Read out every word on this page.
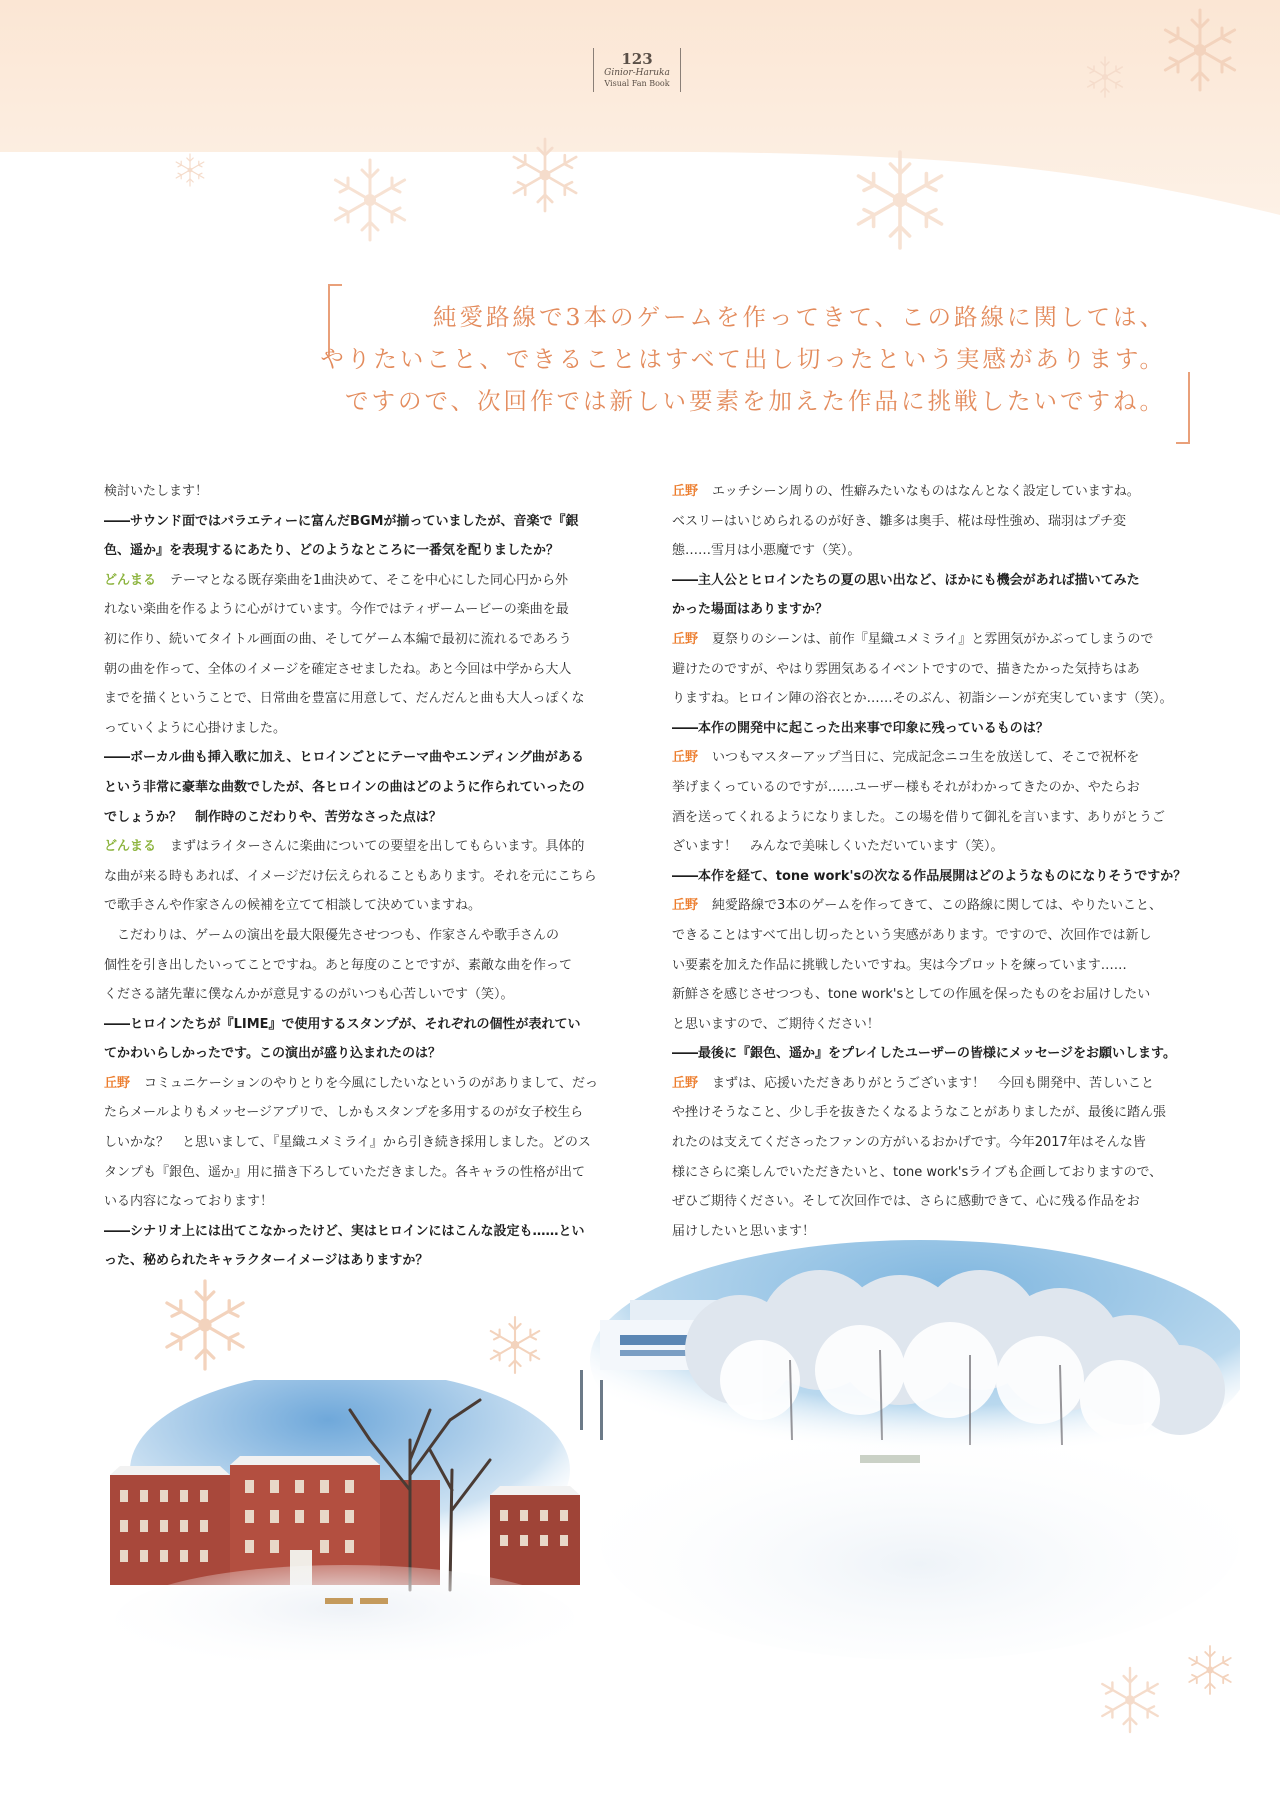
123
Ginior-Haruka
Visual Fan Book
純愛路線で3本のゲームを作ってきて、この路線に関しては、
やりたいこと、できることはすべて出し切ったという実感があります。
ですので、次回作では新しい要素を加えた作品に挑戦したいですね。

検討いたします！

――サウンド面ではバラエティーに富んだBGMが揃っていましたが、音楽で『銀

色、遥か』を表現するにあたり、どのようなところに一番気を配りましたか？

どんまる テーマとなる既存楽曲を1曲決めて、そこを中心にした同心円から外

れない楽曲を作るように心がけています。今作ではティザームービーの楽曲を最

初に作り、続いてタイトル画面の曲、そしてゲーム本編で最初に流れるであろう

朝の曲を作って、全体のイメージを確定させましたね。あと今回は中学から大人

までを描くということで、日常曲を豊富に用意して、だんだんと曲も大人っぽくな

っていくように心掛けました。

――ボーカル曲も挿入歌に加え、ヒロインごとにテーマ曲やエンディング曲がある

という非常に豪華な曲数でしたが、各ヒロインの曲はどのように作られていったの

でしょうか？　制作時のこだわりや、苦労なさった点は？

どんまる まずはライターさんに楽曲についての要望を出してもらいます。具体的

な曲が来る時もあれば、イメージだけ伝えられることもあります。それを元にこちら

で歌手さんや作家さんの候補を立てて相談して決めていますね。

　こだわりは、ゲームの演出を最大限優先させつつも、作家さんや歌手さんの

個性を引き出したいってことですね。あと毎度のことですが、素敵な曲を作って

くださる諸先輩に僕なんかが意見するのがいつも心苦しいです（笑）。

――ヒロインたちが『LIME』で使用するスタンプが、それぞれの個性が表れてい

てかわいらしかったです。この演出が盛り込まれたのは？

丘野 コミュニケーションのやりとりを今風にしたいなというのがありまして、だっ

たらメールよりもメッセージアプリで、しかもスタンプを多用するのが女子校生ら

しいかな？　と思いまして、『星織ユメミライ』から引き続き採用しました。どのス

タンプも『銀色、遥か』用に描き下ろしていただきました。各キャラの性格が出て

いる内容になっております！

――シナリオ上には出てこなかったけど、実はヒロインにはこんな設定も……とい

った、秘められたキャラクターイメージはありますか？

丘野 エッチシーン周りの、性癖みたいなものはなんとなく設定していますね。

ベスリーはいじめられるのが好き、雛多は奥手、椛は母性強め、瑞羽はプチ変

態……雪月は小悪魔です（笑）。

――主人公とヒロインたちの夏の思い出など、ほかにも機会があれば描いてみた

かった場面はありますか？

丘野 夏祭りのシーンは、前作『星織ユメミライ』と雰囲気がかぶってしまうので

避けたのですが、やはり雰囲気あるイベントですので、描きたかった気持ちはあ

りますね。ヒロイン陣の浴衣とか……そのぶん、初詣シーンが充実しています（笑）。

――本作の開発中に起こった出来事で印象に残っているものは？

丘野 いつもマスターアップ当日に、完成記念ニコ生を放送して、そこで祝杯を

挙げまくっているのですが……ユーザー様もそれがわかってきたのか、やたらお

酒を送ってくれるようになりました。この場を借りて御礼を言います、ありがとうご

ざいます！　みんなで美味しくいただいています（笑）。

――本作を経て、tone work'sの次なる作品展開はどのようなものになりそうですか？

丘野 純愛路線で3本のゲームを作ってきて、この路線に関しては、やりたいこと、

できることはすべて出し切ったという実感があります。ですので、次回作では新し

い要素を加えた作品に挑戦したいですね。実は今プロットを練っています……

新鮮さを感じさせつつも、tone work'sとしての作風を保ったものをお届けしたい

と思いますので、ご期待ください！

――最後に『銀色、遥か』をプレイしたユーザーの皆様にメッセージをお願いします。

丘野 まずは、応援いただきありがとうございます！　今回も開発中、苦しいこと

や挫けそうなこと、少し手を抜きたくなるようなことがありましたが、最後に踏ん張

れたのは支えてくださったファンの方がいるおかげです。今年2017年はそんな皆

様にさらに楽しんでいただきたいと、tone work'sライブも企画しておりますので、

ぜひご期待ください。そして次回作では、さらに感動できて、心に残る作品をお

届けしたいと思います！
